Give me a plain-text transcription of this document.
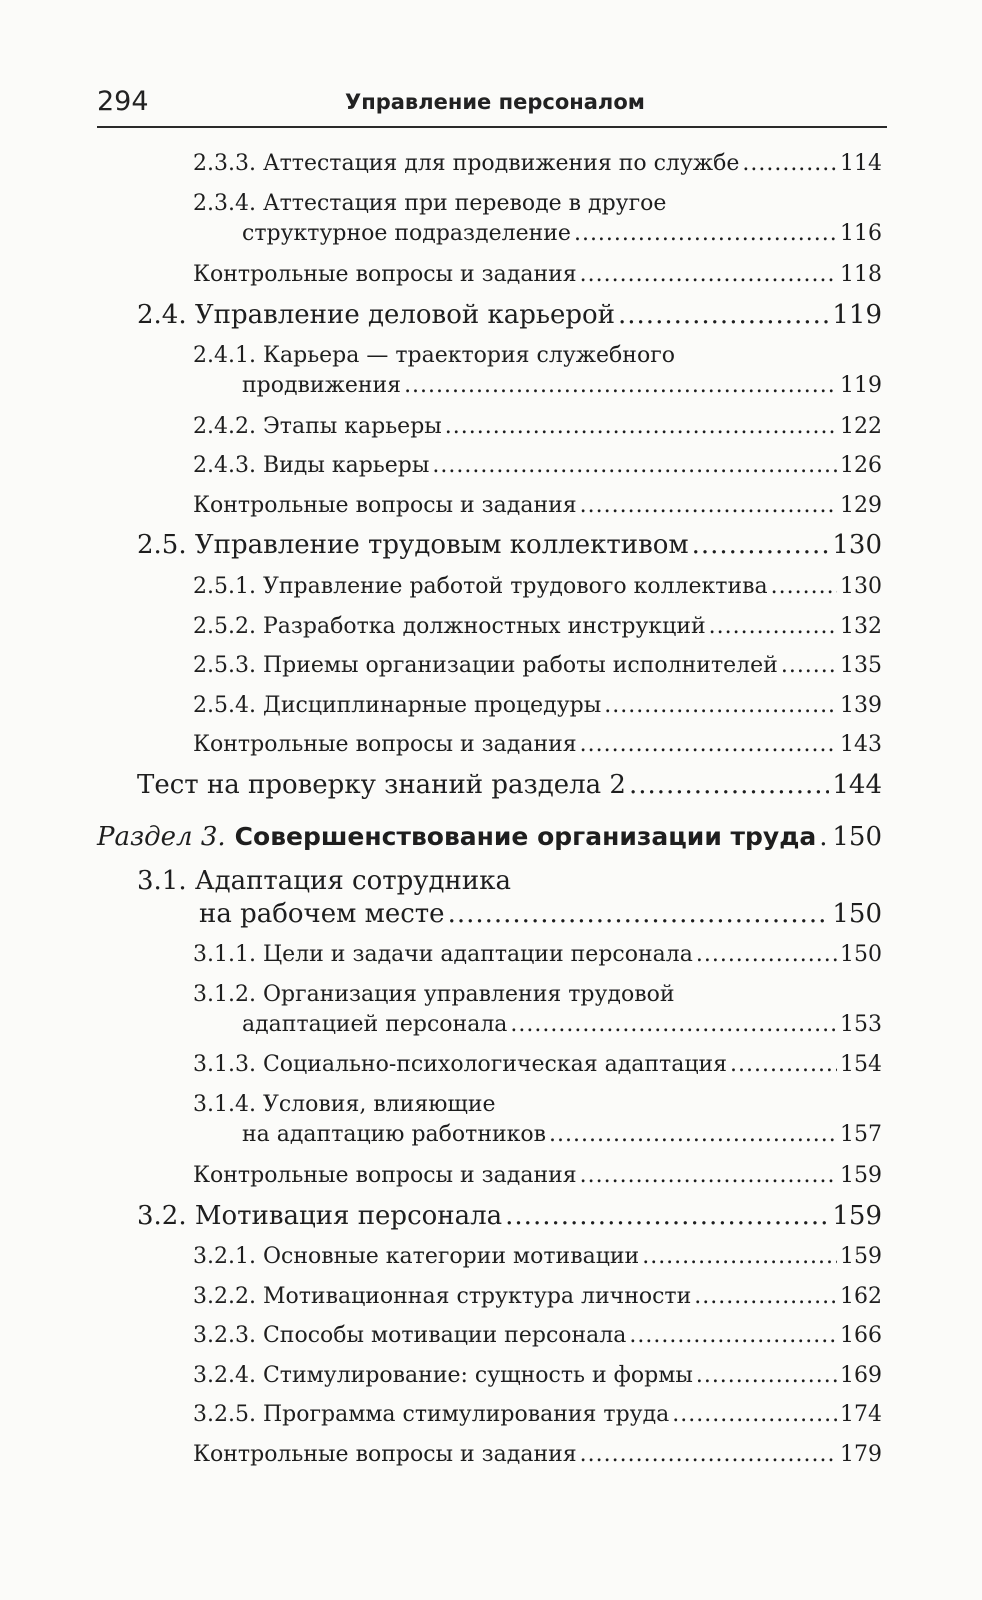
294	Управление персоналом
2.3.3. Аттестация для продвижения по службе .....	114
2.3.4. Аттестация при переводе в другое
структурное подразделение .....	116
Контрольные вопросы и задания .....	118
2.4. Управление деловой карьерой .....	119
2.4.1. Карьера — траектория служебного
продвижения .....	119
2.4.2. Этапы карьеры .....	122
2.4.3. Виды карьеры .....	126
Контрольные вопросы и задания .....	129
2.5. Управление трудовым коллективом .....	130
2.5.1. Управление работой трудового коллектива .....	130
2.5.2. Разработка должностных инструкций .....	132
2.5.3. Приемы организации работы исполнителей .....	135
2.5.4. Дисциплинарные процедуры .....	139
Контрольные вопросы и задания .....	143
Тест на проверку знаний раздела 2 .....	144
Раздел 3. Совершенствование организации труда ..... 150
3.1. Адаптация сотрудника
на рабочем месте .....	150
3.1.1. Цели и задачи адаптации персонала .....	150
3.1.2. Организация управления трудовой
адаптацией персонала .....	153
3.1.3. Социально-психологическая адаптация .....	154
3.1.4. Условия, влияющие
на адаптацию работников .....	157
Контрольные вопросы и задания .....	159
3.2. Мотивация персонала .....	159
3.2.1. Основные категории мотивации .....	159
3.2.2. Мотивационная структура личности .....	162
3.2.3. Способы мотивации персонала .....	166
3.2.4. Стимулирование: сущность и формы .....	169
3.2.5. Программа стимулирования труда .....	174
Контрольные вопросы и задания .....	179
